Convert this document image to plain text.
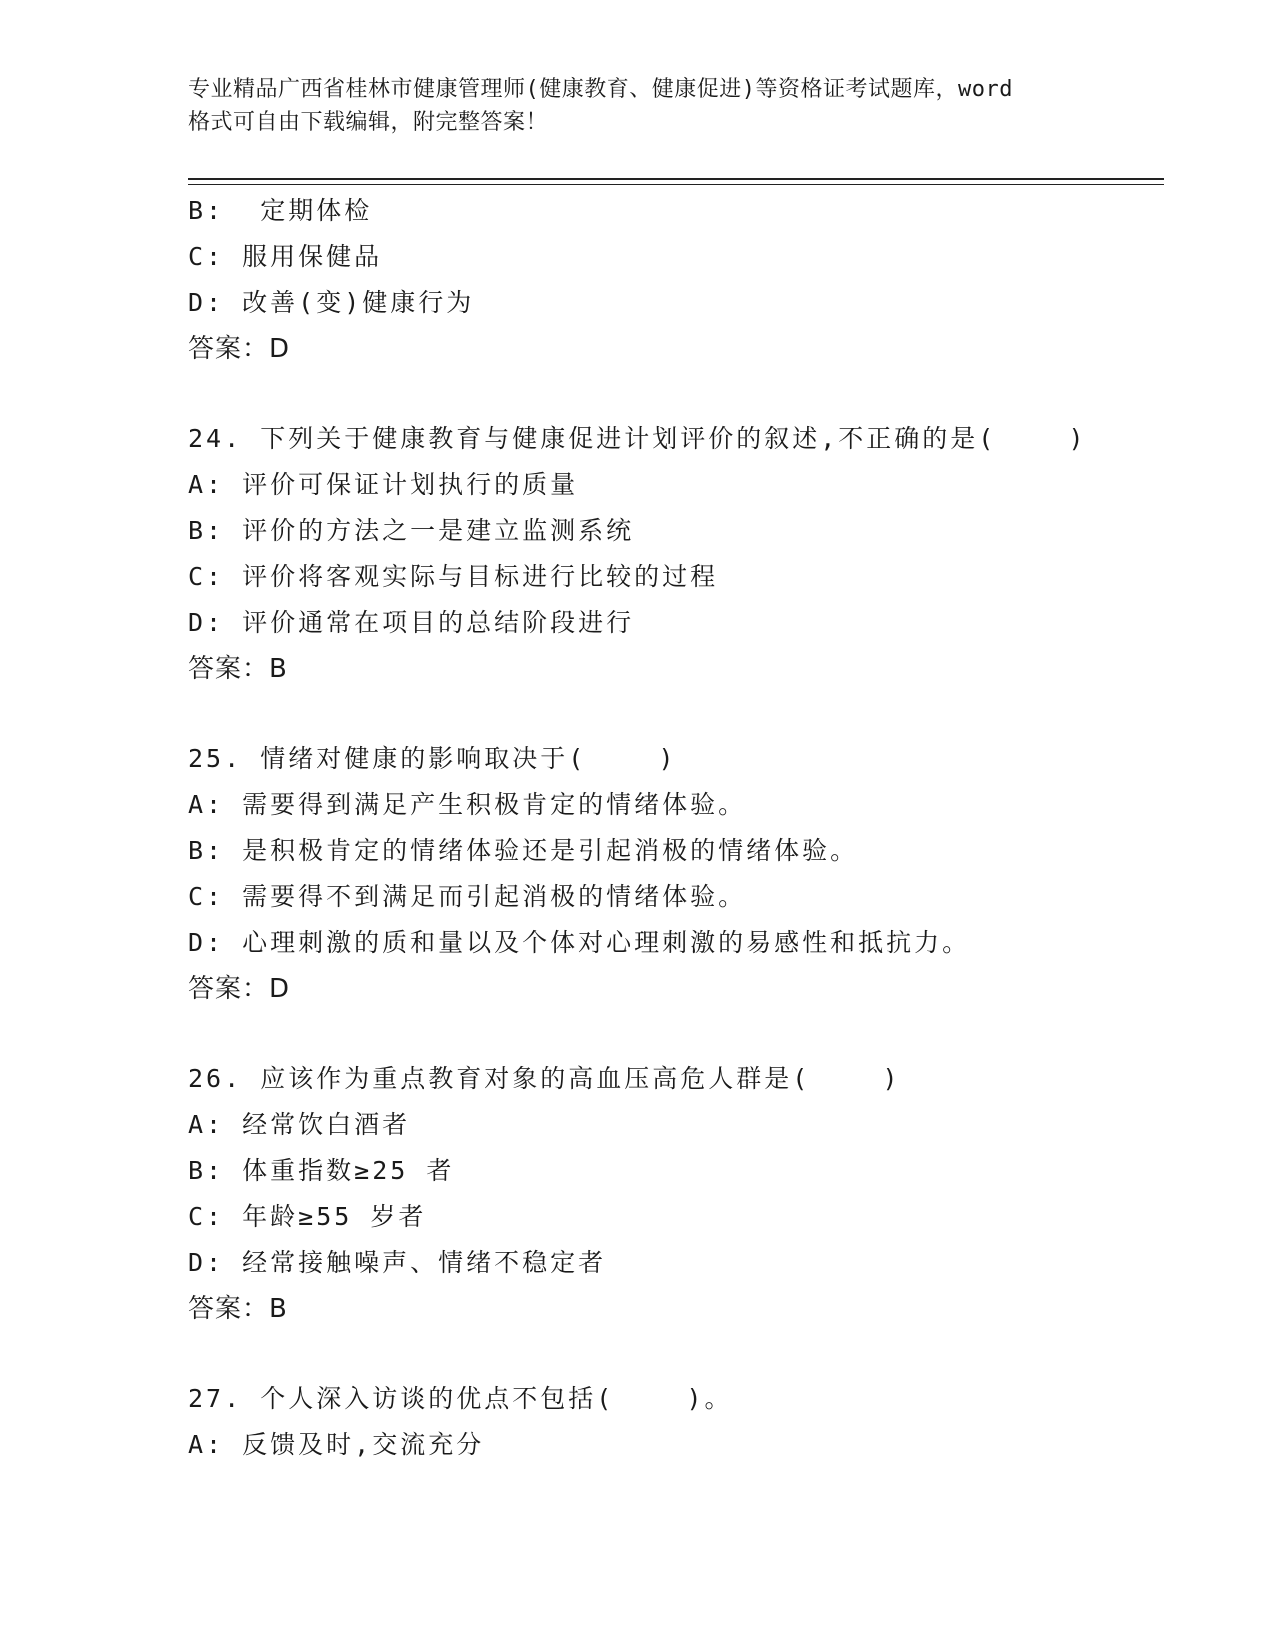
专业精品广西省桂林市健康管理师(健康教育、健康促进)等资格证考试题库，word
格式可自由下载编辑，附完整答案！
B:  定期体检
C: 服用保健品
D: 改善(变)健康行为
答案：D
24. 下列关于健康教育与健康促进计划评价的叙述,不正确的是(    )
A: 评价可保证计划执行的质量
B: 评价的方法之一是建立监测系统
C: 评价将客观实际与目标进行比较的过程
D: 评价通常在项目的总结阶段进行
答案：B
25. 情绪对健康的影响取决于(    )
A: 需要得到满足产生积极肯定的情绪体验。
B: 是积极肯定的情绪体验还是引起消极的情绪体验。
C: 需要得不到满足而引起消极的情绪体验。
D: 心理刺激的质和量以及个体对心理刺激的易感性和抵抗力。
答案：D
26. 应该作为重点教育对象的高血压高危人群是(    )
A: 经常饮白酒者
B: 体重指数≥25 者
C: 年龄≥55 岁者
D: 经常接触噪声、情绪不稳定者
答案：B
27. 个人深入访谈的优点不包括(    )。
A: 反馈及时,交流充分
